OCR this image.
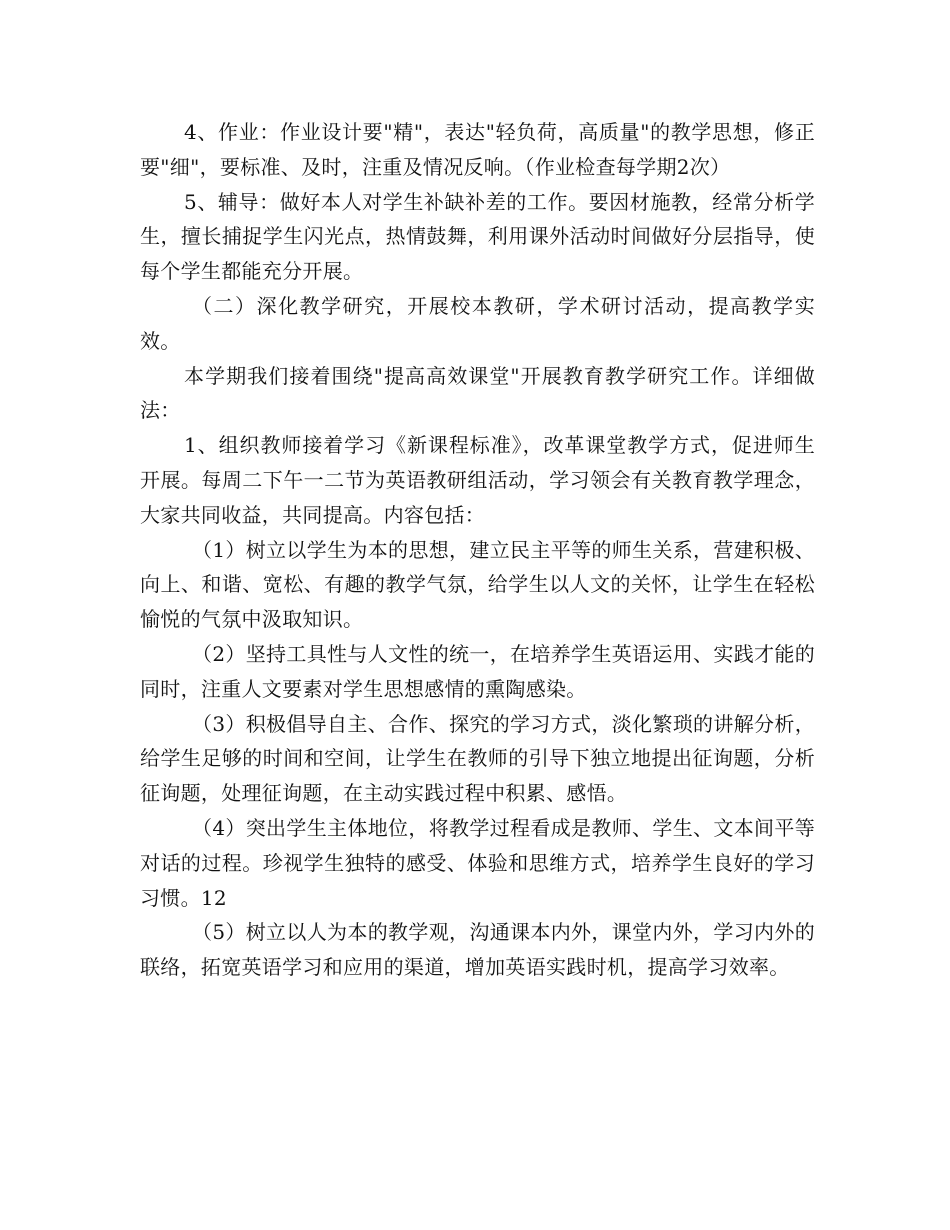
4、作业：作业设计要"精"，表达"轻负荷，高质量"的教学思想，修正要"细"，要标准、及时，注重及情况反响。（作业检查每学期2次）

5、辅导：做好本人对学生补缺补差的工作。要因材施教，经常分析学生，擅长捕捉学生闪光点，热情鼓舞，利用课外活动时间做好分层指导，使每个学生都能充分开展。

（二）深化教学研究，开展校本教研，学术研讨活动，提高教学实效。

本学期我们接着围绕"提高高效课堂"开展教育教学研究工作。详细做法：

1、组织教师接着学习《新课程标准》，改革课堂教学方式，促进师生开展。每周二下午一二节为英语教研组活动，学习领会有关教育教学理念，大家共同收益，共同提高。内容包括：

（1）树立以学生为本的思想，建立民主平等的师生关系，营建积极、向上、和谐、宽松、有趣的教学气氛，给学生以人文的关怀，让学生在轻松愉悦的气氛中汲取知识。

（2）坚持工具性与人文性的统一，在培养学生英语运用、实践才能的同时，注重人文要素对学生思想感情的熏陶感染。

（3）积极倡导自主、合作、探究的学习方式，淡化繁琐的讲解分析，给学生足够的时间和空间，让学生在教师的引导下独立地提出征询题，分析征询题，处理征询题，在主动实践过程中积累、感悟。

（4）突出学生主体地位，将教学过程看成是教师、学生、文本间平等对话的过程。珍视学生独特的感受、体验和思维方式，培养学生良好的学习习惯。12

（5）树立以人为本的教学观，沟通课本内外，课堂内外，学习内外的联络，拓宽英语学习和应用的渠道，增加英语实践时机，提高学习效率。
